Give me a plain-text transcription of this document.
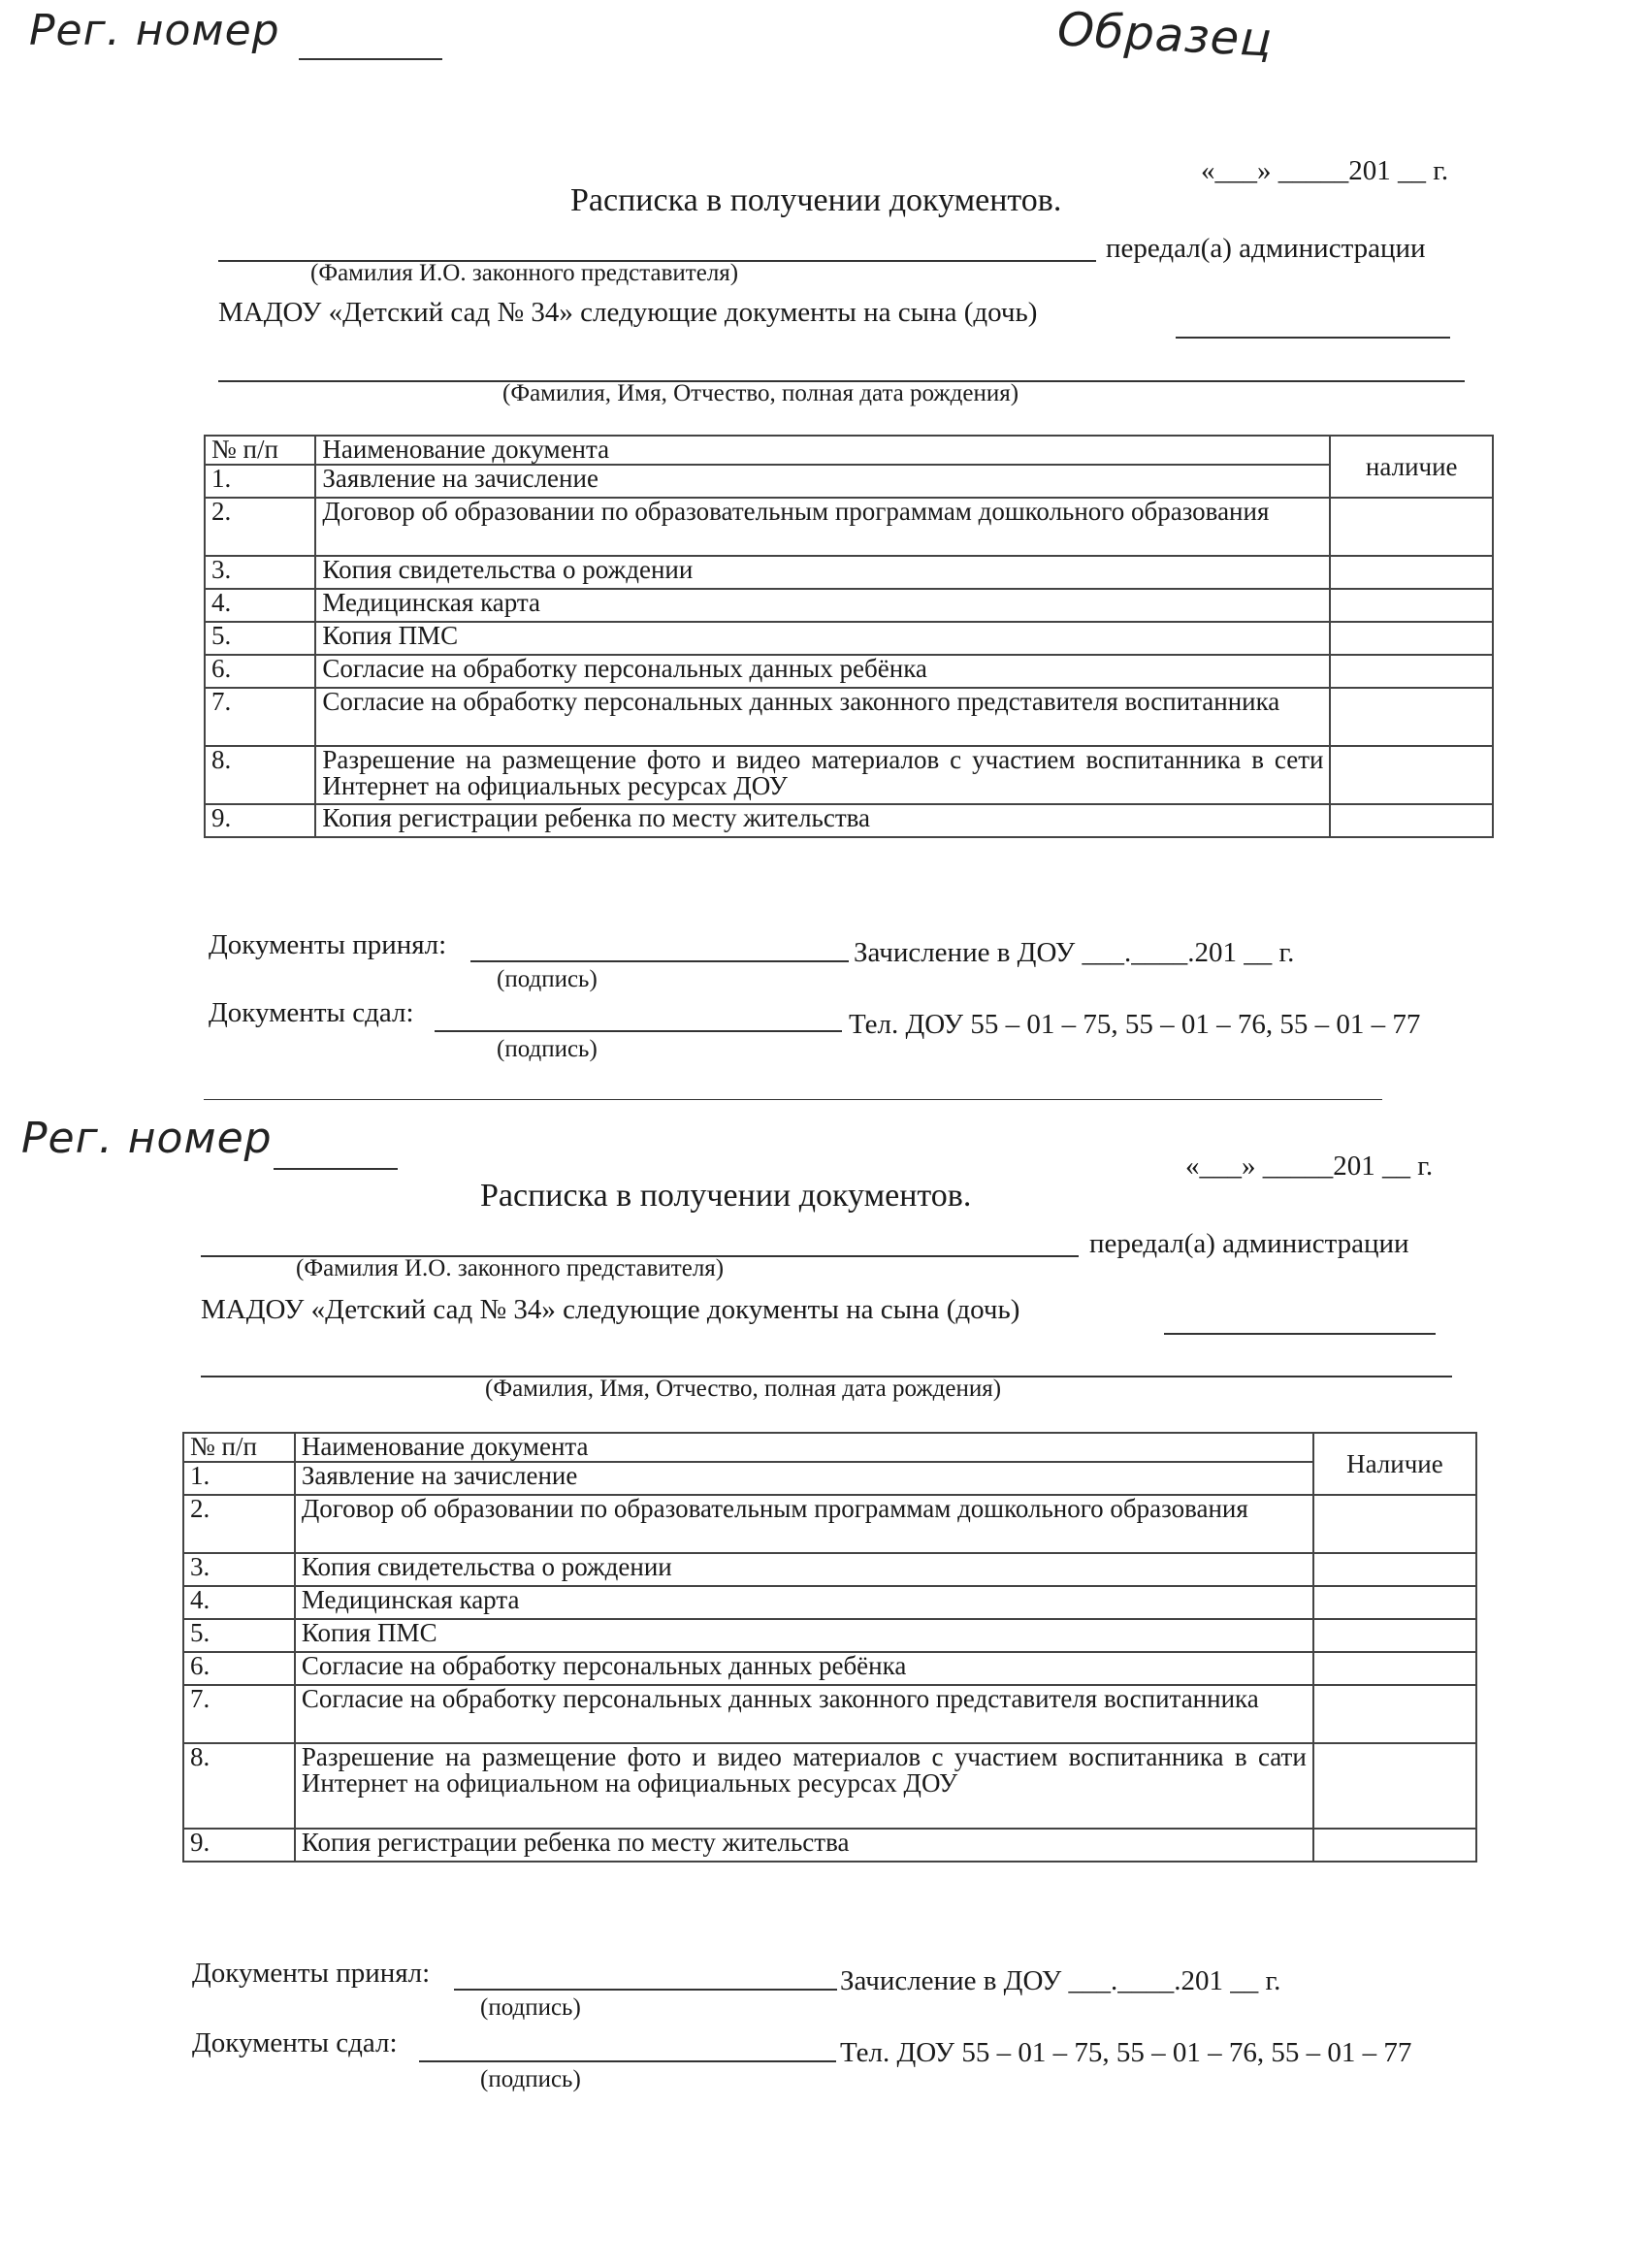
Образец
Рег. номер
«___» _____201 __ г.
Расписка в получении документов.
передал(а) администрации
(Фамилия И.О. законного представителя)
МАДОУ «Детский сад № 34» следующие документы на сына (дочь)
(Фамилия, Имя, Отчество, полная дата рождения)
№ п/п	Наименование документа	наличие
1.	Заявление на зачисление	
2.	Договор об образовании по образовательным программам дошкольного образования	
3.	Копия свидетельства о рождении	
4.	Медицинская карта	
5.	Копия ПМС	
6.	Согласие на обработку персональных данных ребёнка	
7.	Согласие на обработку персональных данных законного представителя воспитанника	
8.	Разрешение на размещение фото и видео материалов с участием воспитанника в сети Интернет на официальных ресурсах ДОУ	
9.	Копия регистрации ребенка по месту жительства	
Документы принял:	Зачисление в ДОУ ___.____.201 __ г.
(подпись)
Документы сдал:	Тел. ДОУ 55 – 01 – 75, 55 – 01 – 76, 55 – 01 – 77
(подпись)
Рег. номер
«___» _____201 __ г.
Расписка в получении документов.
передал(а) администрации
(Фамилия И.О. законного представителя)
МАДОУ «Детский сад № 34» следующие документы на сына (дочь)
(Фамилия, Имя, Отчество, полная дата рождения)
№ п/п	Наименование документа	Наличие
1.	Заявление на зачисление	
2.	Договор об образовании по образовательным программам дошкольного образования	
3.	Копия свидетельства о рождении	
4.	Медицинская карта	
5.	Копия ПМС	
6.	Согласие на обработку персональных данных ребёнка	
7.	Согласие на обработку персональных данных законного представителя воспитанника	
8.	Разрешение на размещение фото и видео материалов с участием воспитанника в сати Интернет на официальном на официальных ресурсах ДОУ	
9.	Копия регистрации ребенка по месту жительства	
Документы принял:	Зачисление в ДОУ ___.____.201 __ г.
(подпись)
Документы сдал:	Тел. ДОУ 55 – 01 – 75, 55 – 01 – 76, 55 – 01 – 77
(подпись)
